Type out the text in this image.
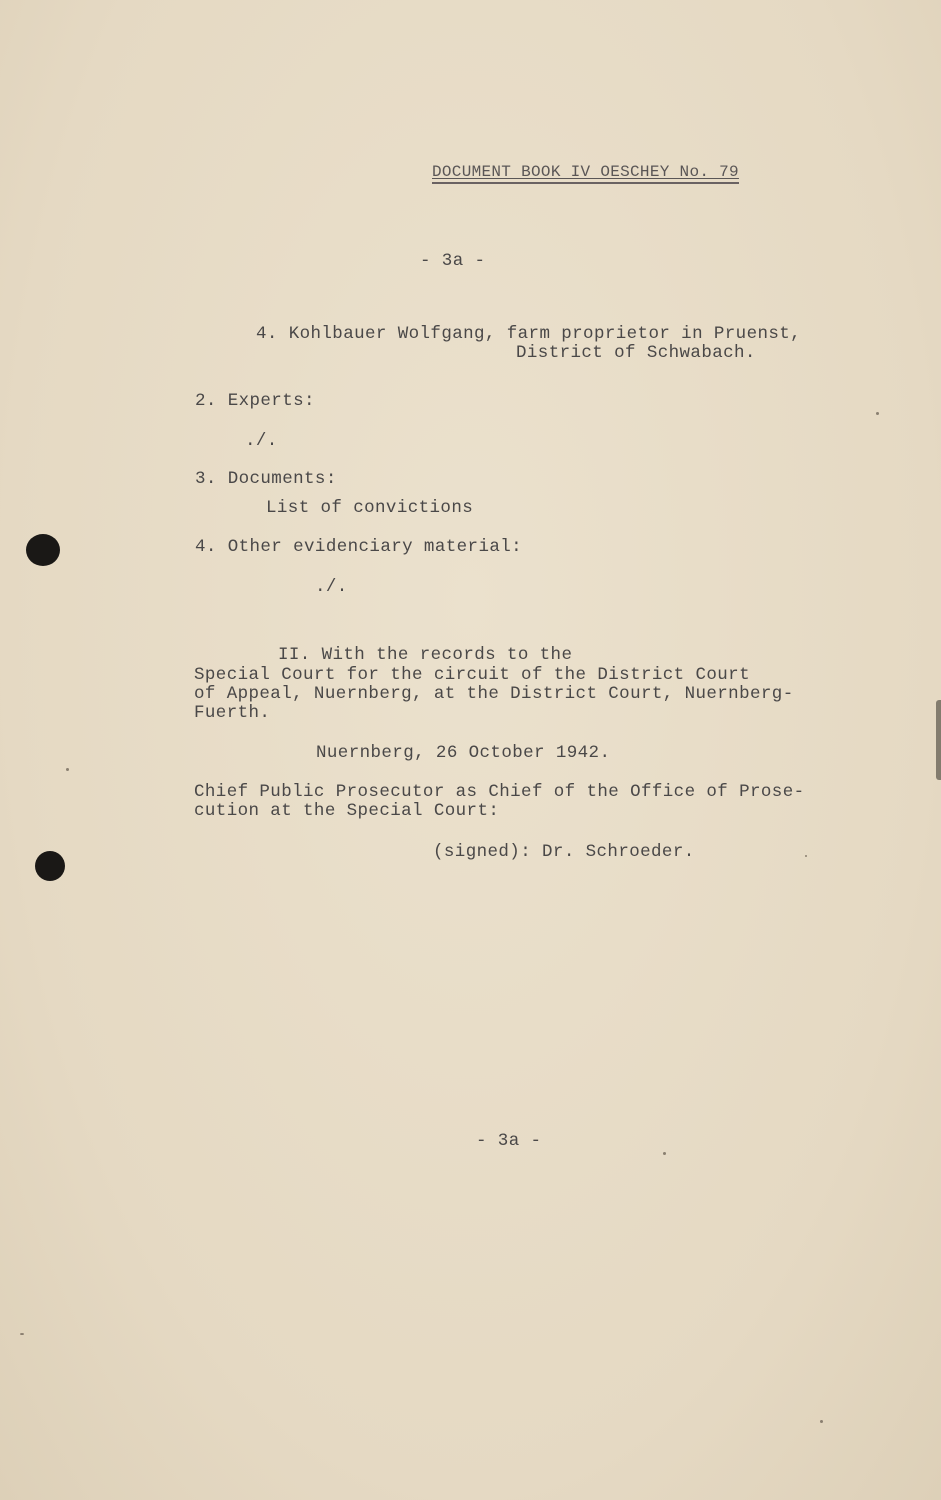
DOCUMENT BOOK IV OESCHEY No. 79
- 3a -
4. Kohlbauer Wolfgang, farm proprietor in Pruenst,
District of Schwabach.
2. Experts:
./.
3. Documents:
List of convictions
4. Other evidenciary material:
./.
II. With the records to the
Special Court for the circuit of the District Court
of Appeal, Nuernberg, at the District Court, Nuernberg-
Fuerth.
Nuernberg, 26 October 1942.
Chief Public Prosecutor as Chief of the Office of Prose-
cution at the Special Court:
(signed): Dr. Schroeder.
- 3a -
